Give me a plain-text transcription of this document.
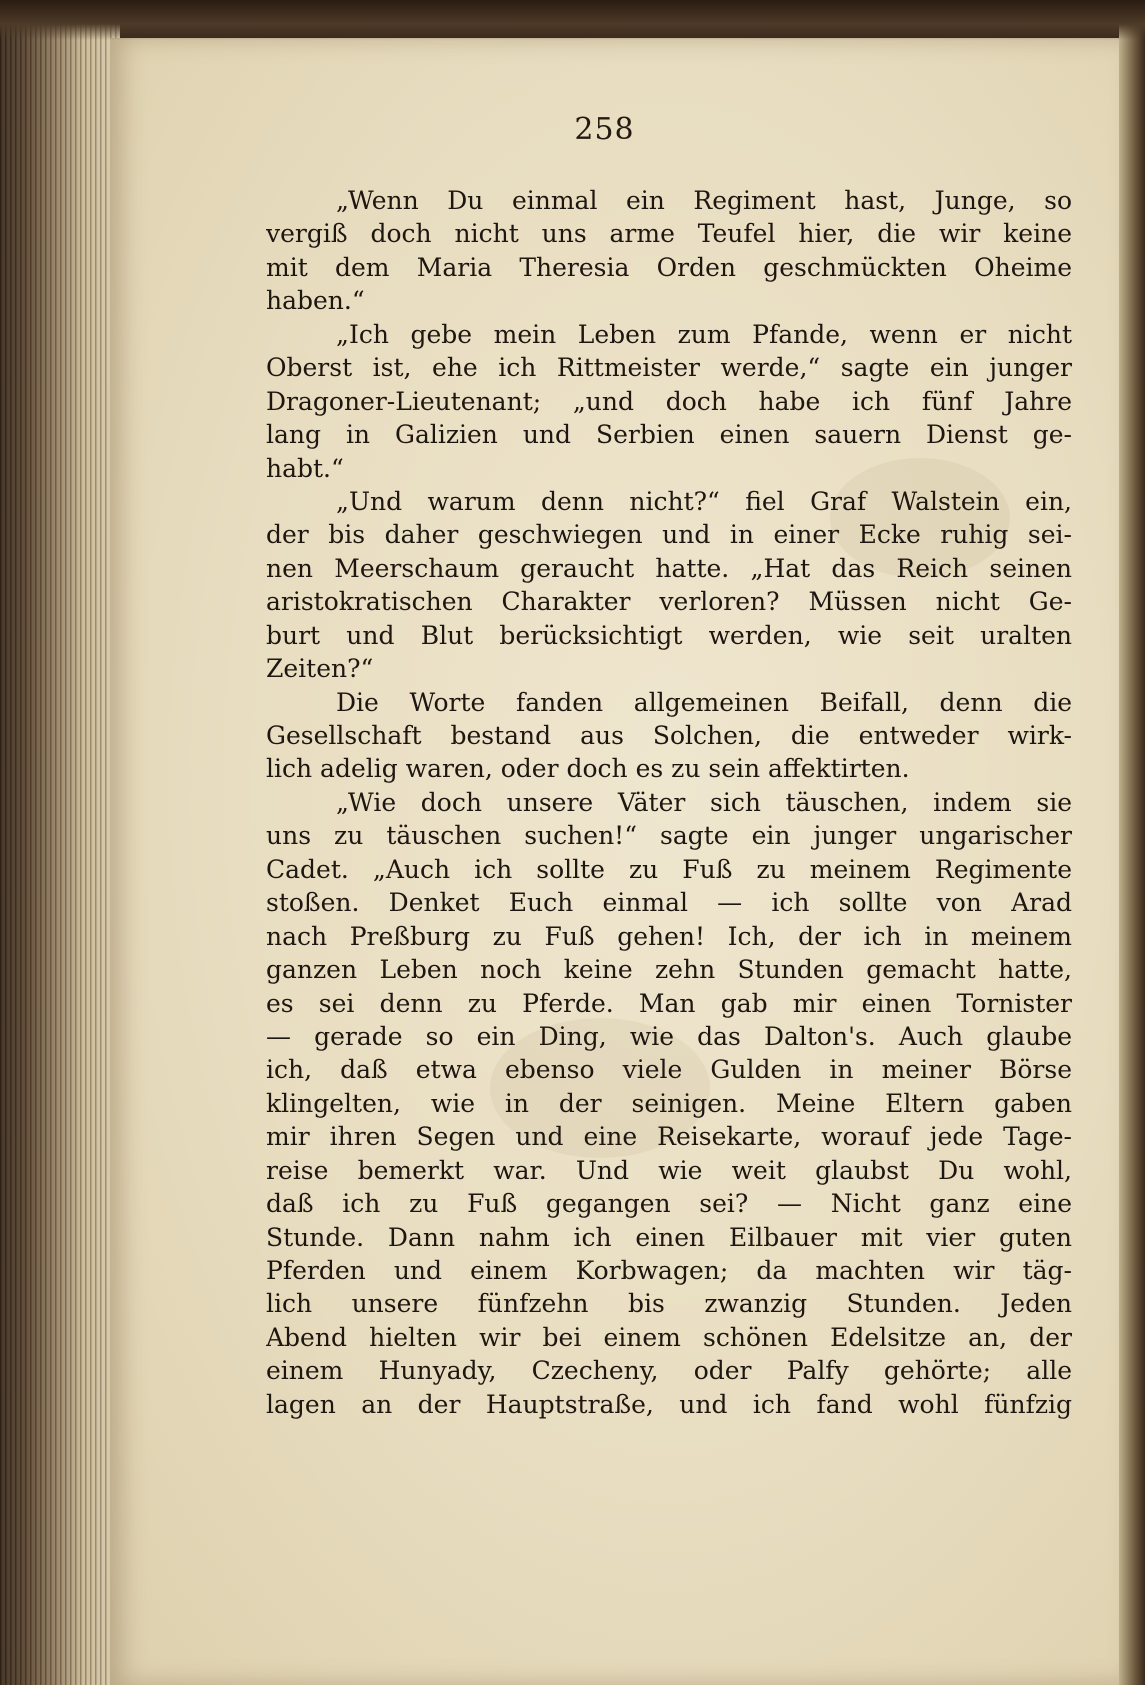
258
„Wenn Du einmal ein Regiment hast, Junge, so
vergiß doch nicht uns arme Teufel hier, die wir keine
mit dem Maria Theresia Orden geschmückten Oheime
haben.“
„Ich gebe mein Leben zum Pfande, wenn er nicht
Oberst ist, ehe ich Rittmeister werde,“ sagte ein junger
Dragoner-Lieutenant; „und doch habe ich fünf Jahre
lang in Galizien und Serbien einen sauern Dienst ge-
habt.“
„Und warum denn nicht?“ fiel Graf Walstein ein,
der bis daher geschwiegen und in einer Ecke ruhig sei-
nen Meerschaum geraucht hatte. „Hat das Reich seinen
aristokratischen Charakter verloren? Müssen nicht Ge-
burt und Blut berücksichtigt werden, wie seit uralten
Zeiten?“
Die Worte fanden allgemeinen Beifall, denn die
Gesellschaft bestand aus Solchen, die entweder wirk-
lich adelig waren, oder doch es zu sein affektirten.
„Wie doch unsere Väter sich täuschen, indem sie
uns zu täuschen suchen!“ sagte ein junger ungarischer
Cadet. „Auch ich sollte zu Fuß zu meinem Regimente
stoßen. Denket Euch einmal — ich sollte von Arad
nach Preßburg zu Fuß gehen! Ich, der ich in meinem
ganzen Leben noch keine zehn Stunden gemacht hatte,
es sei denn zu Pferde. Man gab mir einen Tornister
— gerade so ein Ding, wie das Dalton's. Auch glaube
ich, daß etwa ebenso viele Gulden in meiner Börse
klingelten, wie in der seinigen. Meine Eltern gaben
mir ihren Segen und eine Reisekarte, worauf jede Tage-
reise bemerkt war. Und wie weit glaubst Du wohl,
daß ich zu Fuß gegangen sei? — Nicht ganz eine
Stunde. Dann nahm ich einen Eilbauer mit vier guten
Pferden und einem Korbwagen; da machten wir täg-
lich unsere fünfzehn bis zwanzig Stunden. Jeden
Abend hielten wir bei einem schönen Edelsitze an, der
einem Hunyady, Czecheny, oder Palfy gehörte; alle
lagen an der Hauptstraße, und ich fand wohl fünfzig
